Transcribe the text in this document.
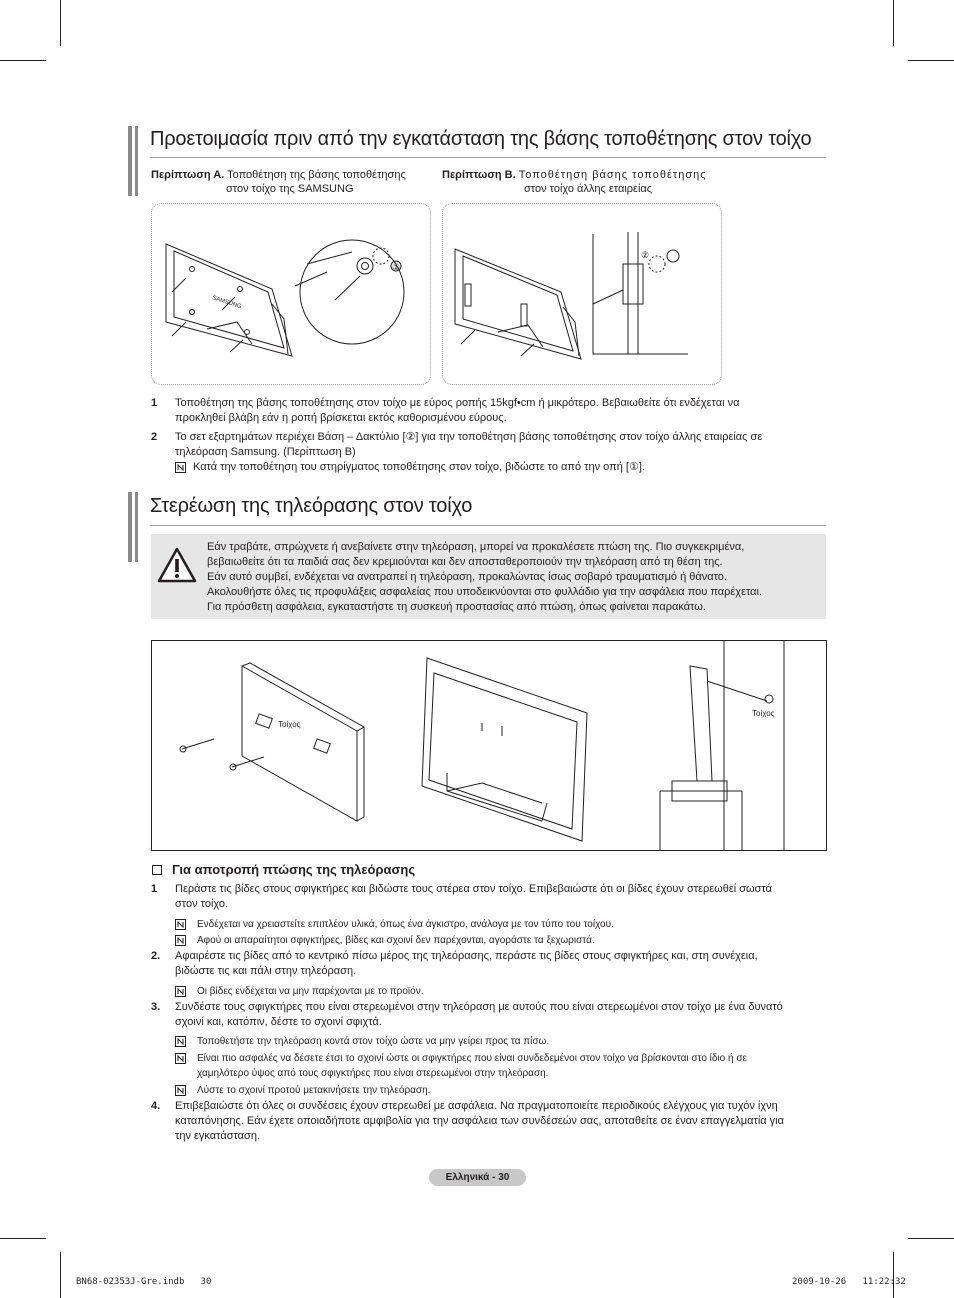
Προετοιμασία πριν από την εγκατάσταση της βάσης τοποθέτησης στον τοίχο
Περίπτωση Α. Τοποθέτηση της βάσης τοποθέτησης
στον τοίχο της SAMSUNG
Περίπτωση Β. Τοποθέτηση βάσης τοποθέτησης
στον τοίχο άλλης εταιρείας
SAMSUNG
①
②
1 Τοποθέτηση της βάσης τοποθέτησης στον τοίχο με εύρος ροπής 15kgf•cm ή μικρότερο. Βεβαιωθείτε ότι ενδέχεται να
προκληθεί βλάβη εάν η ροπή βρίσκεται εκτός καθορισμένου εύρους.
2 Το σετ εξαρτημάτων περιέχει Βάση – Δακτύλιο [②] για την τοποθέτηση βάσης τοποθέτησης στον τοίχο άλλης εταιρείας σε
τηλεόραση Samsung. (Περίπτωση Β)
Κατά την τοποθέτηση του στηρίγματος τοποθέτησης στον τοίχο, βιδώστε το από την οπή [①].
Στερέωση της τηλεόρασης στον τοίχο
Εάν τραβάτε, σπρώχνετε ή ανεβαίνετε στην τηλεόραση, μπορεί να προκαλέσετε πτώση της. Πιο συγκεκριμένα,
βεβαιωθείτε ότι τα παιδιά σας δεν κρεμιούνται και δεν αποσταθεροποιούν την τηλεόραση από τη θέση της.
Εάν αυτό συμβεί, ενδέχεται να ανατραπεί η τηλεόραση, προκαλώντας ίσως σοβαρό τραυματισμό ή θάνατο.
Ακολουθήστε όλες τις προφυλάξεις ασφαλείας που υποδεικνύονται στο φυλλάδιο για την ασφάλεια που παρέχεται.
Για πρόσθετη ασφάλεια, εγκαταστήστε τη συσκευή προστασίας από πτώση, όπως φαίνεται παρακάτω.
Τοίχος
Τοίχος
Για αποτροπή πτώσης της τηλεόρασης
1 Περάστε τις βίδες στους σφιγκτήρες και βιδώστε τους στέρεα στον τοίχο. Επιβεβαιώστε ότι οι βίδες έχουν στερεωθεί σωστά
στον τοίχο.
Ενδέχεται να χρειαστείτε επιπλέον υλικά, όπως ένα άγκιστρο, ανάλογα με τον τύπο του τοίχου.
Αφού οι απαραίτητοι σφιγκτήρες, βίδες και σχοινί δεν παρέχονται, αγοράστε τα ξεχωριστά.
2. Αφαιρέστε τις βίδες από το κεντρικό πίσω μέρος της τηλεόρασης, περάστε τις βίδες στους σφιγκτήρες και, στη συνέχεια,
βιδώστε τις και πάλι στην τηλεόραση.
Οι βίδες ενδέχεται να μην παρέχονται με το προϊόν.
3. Συνδέστε τους σφιγκτήρες που είναι στερεωμένοι στην τηλεόραση με αυτούς που είναι στερεωμένοι στον τοίχο με ένα δυνατό
σχοινί και, κατόπιν, δέστε το σχοινί σφιχτά.
Τοποθετήστε την τηλεόραση κοντά στον τοίχο ώστε να μην γείρει προς τα πίσω.
Είναι πιο ασφαλές να δέσετε έτσι το σχοινί ώστε οι σφιγκτήρες που είναι συνδεδεμένοι στον τοίχο να βρίσκονται στο ίδιο ή σε
χαμηλότερο ύψος από τους σφιγκτήρες που είναι στερεωμένοι στην τηλεόραση.
Λύστε το σχοινί προτού μετακινήσετε την τηλεόραση.
4. Επιβεβαιώστε ότι όλες οι συνδέσεις έχουν στερεωθεί με ασφάλεια. Να πραγματοποιείτε περιοδικούς ελέγχους για τυχόν ίχνη
καταπόνησης. Εάν έχετε οποιαδήποτε αμφιβολία για την ασφάλεια των συνδέσεών σας, αποταθείτε σε έναν επαγγελματία για
την εγκατάσταση.
Ελληνικά - 30
BN68-02353J-Gre.indb   30	2009-10-26   11:22:32
